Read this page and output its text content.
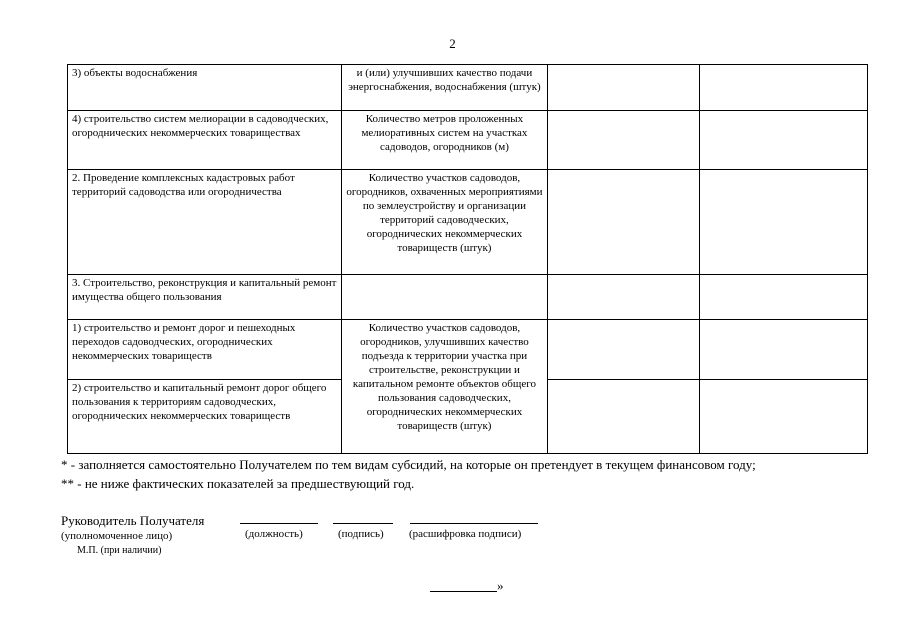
2
3) объекты водоснабжения	и (или) улучшивших качество подачи энергоснабжения, водоснабжения (штук)		
4) строительство систем мелиорации в садоводческих, огороднических некоммерческих товариществах	Количество метров проложенных мелиоративных систем на участках садоводов, огородников (м)		
2. Проведение комплексных кадастровых работ территорий садоводства или огородничества	Количество участков садоводов, огородников, охваченных мероприятиями по землеустройству и организации территорий садоводческих, огороднических некоммерческих товариществ (штук)		
3. Строительство, реконструкция и капитальный ремонт имущества общего пользования			
1) строительство и ремонт дорог и пешеходных переходов садоводческих, огороднических некоммерческих товариществ	Количество участков садоводов, огородников, улучшивших качество подъезда к территории участка при строительстве, реконструкции и капитальном ремонте объектов общего пользования садоводческих, огороднических некоммерческих товариществ (штук)		
2) строительство и капитальный ремонт дорог общего пользования к территориям садоводческих, огороднических некоммерческих товариществ			
* - заполняется самостоятельно Получателем по тем видам субсидий, на которые он претендует в текущем финансовом году;
** - не ниже фактических показателей за предшествующий год.
Руководитель Получателя
(уполномоченное лицо)
М.П. (при наличии)
(должность)	(подпись) (расшифровка подписи)
»
